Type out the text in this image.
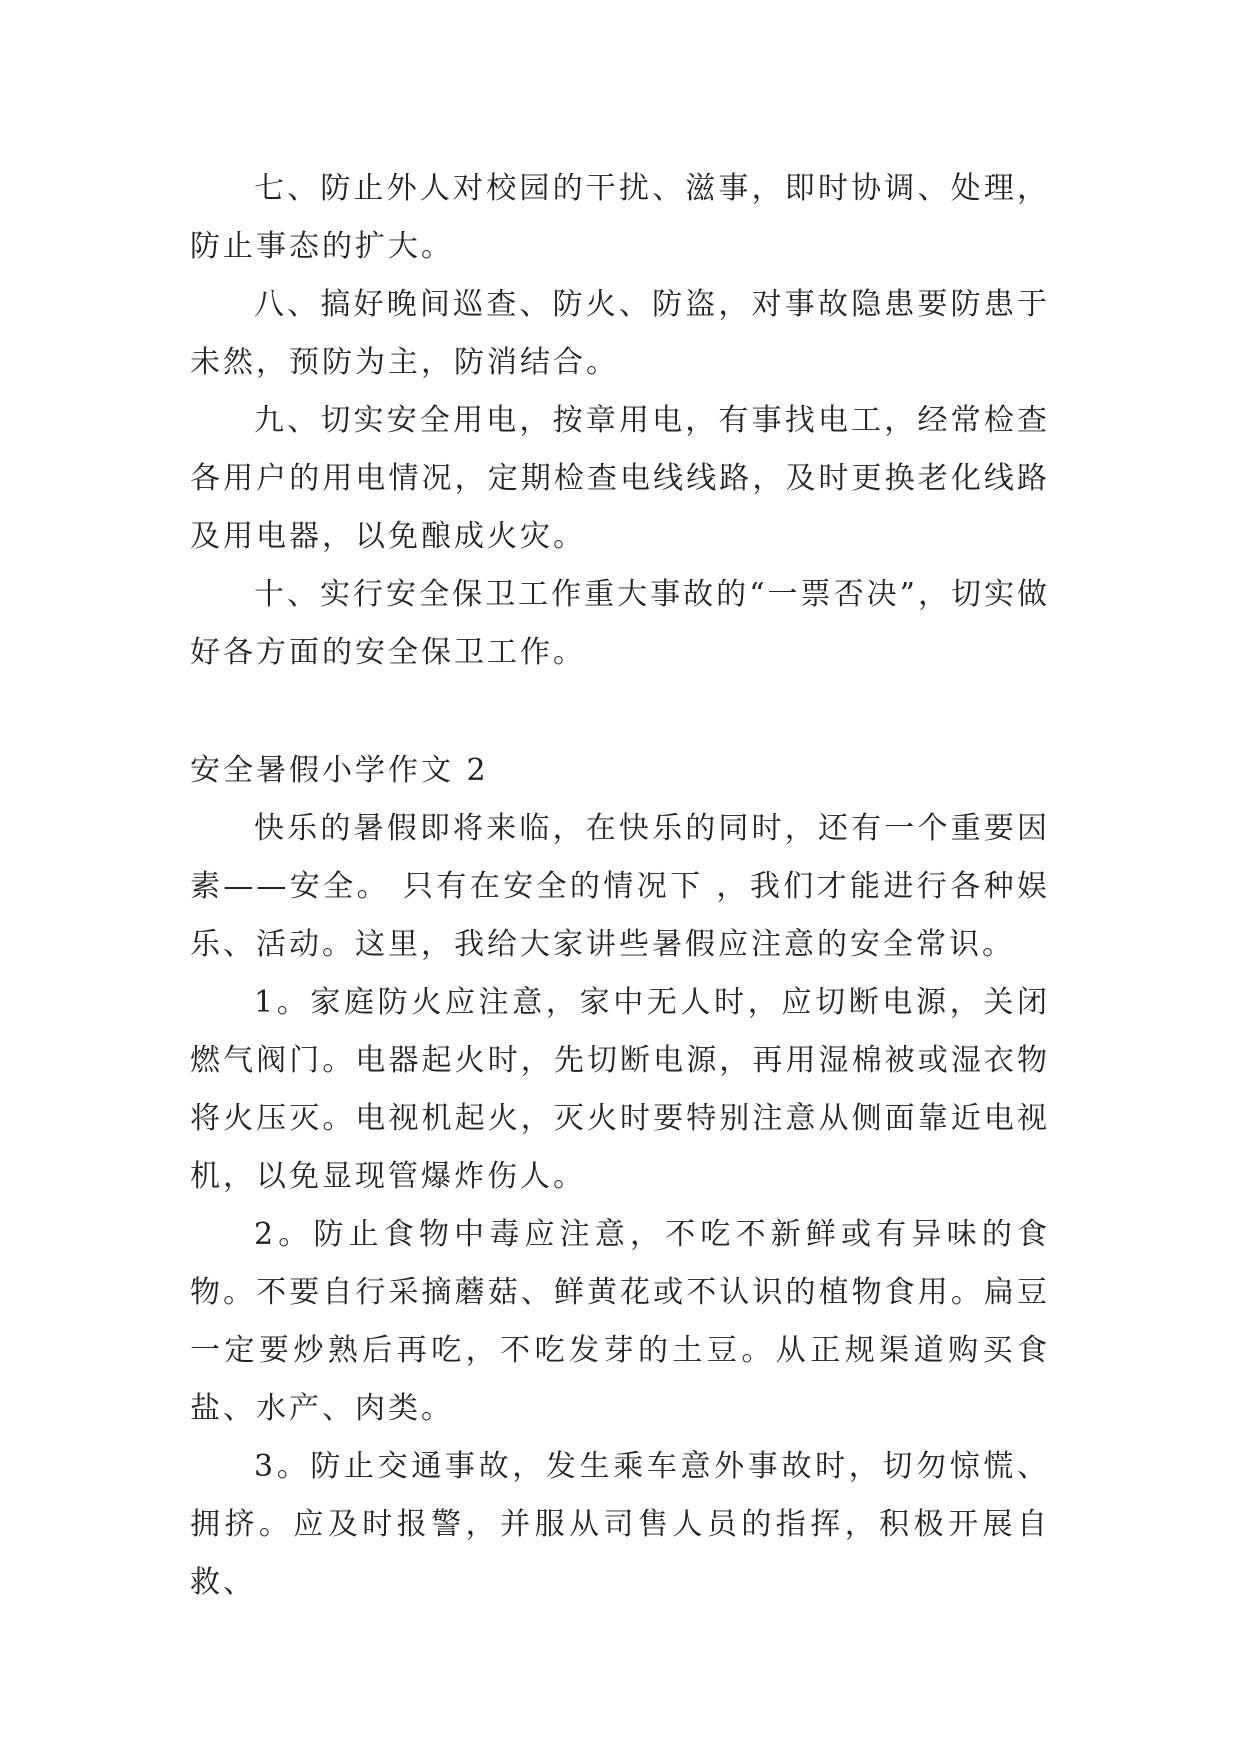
七、防止外人对校园的干扰、滋事，即时协调、处理，防止事态的扩大。

八、搞好晚间巡查、防火、防盗，对事故隐患要防患于未然，预防为主，防消结合。

九、切实安全用电，按章用电，有事找电工，经常检查各用户的用电情况，定期检查电线线路，及时更换老化线路及用电器，以免酿成火灾。

十、实行安全保卫工作重大事故的“一票否决”，切实做好各方面的安全保卫工作。

安全暑假小学作文 2

快乐的暑假即将来临，在快乐的同时，还有一个重要因素——安全。 只有在安全的情况下 ，我们才能进行各种娱乐、活动。这里，我给大家讲些暑假应注意的安全常识。

1。家庭防火应注意，家中无人时，应切断电源，关闭燃气阀门。电器起火时，先切断电源，再用湿棉被或湿衣物将火压灭。电视机起火，灭火时要特别注意从侧面靠近电视机，以免显现管爆炸伤人。

2。防止食物中毒应注意，不吃不新鲜或有异味的食物。不要自行采摘蘑菇、鲜黄花或不认识的植物食用。扁豆一定要炒熟后再吃，不吃发芽的土豆。从正规渠道购买食盐、水产、肉类。

3。防止交通事故，发生乘车意外事故时，切勿惊慌、拥挤。应及时报警，并服从司售人员的指挥，积极开展自救、
